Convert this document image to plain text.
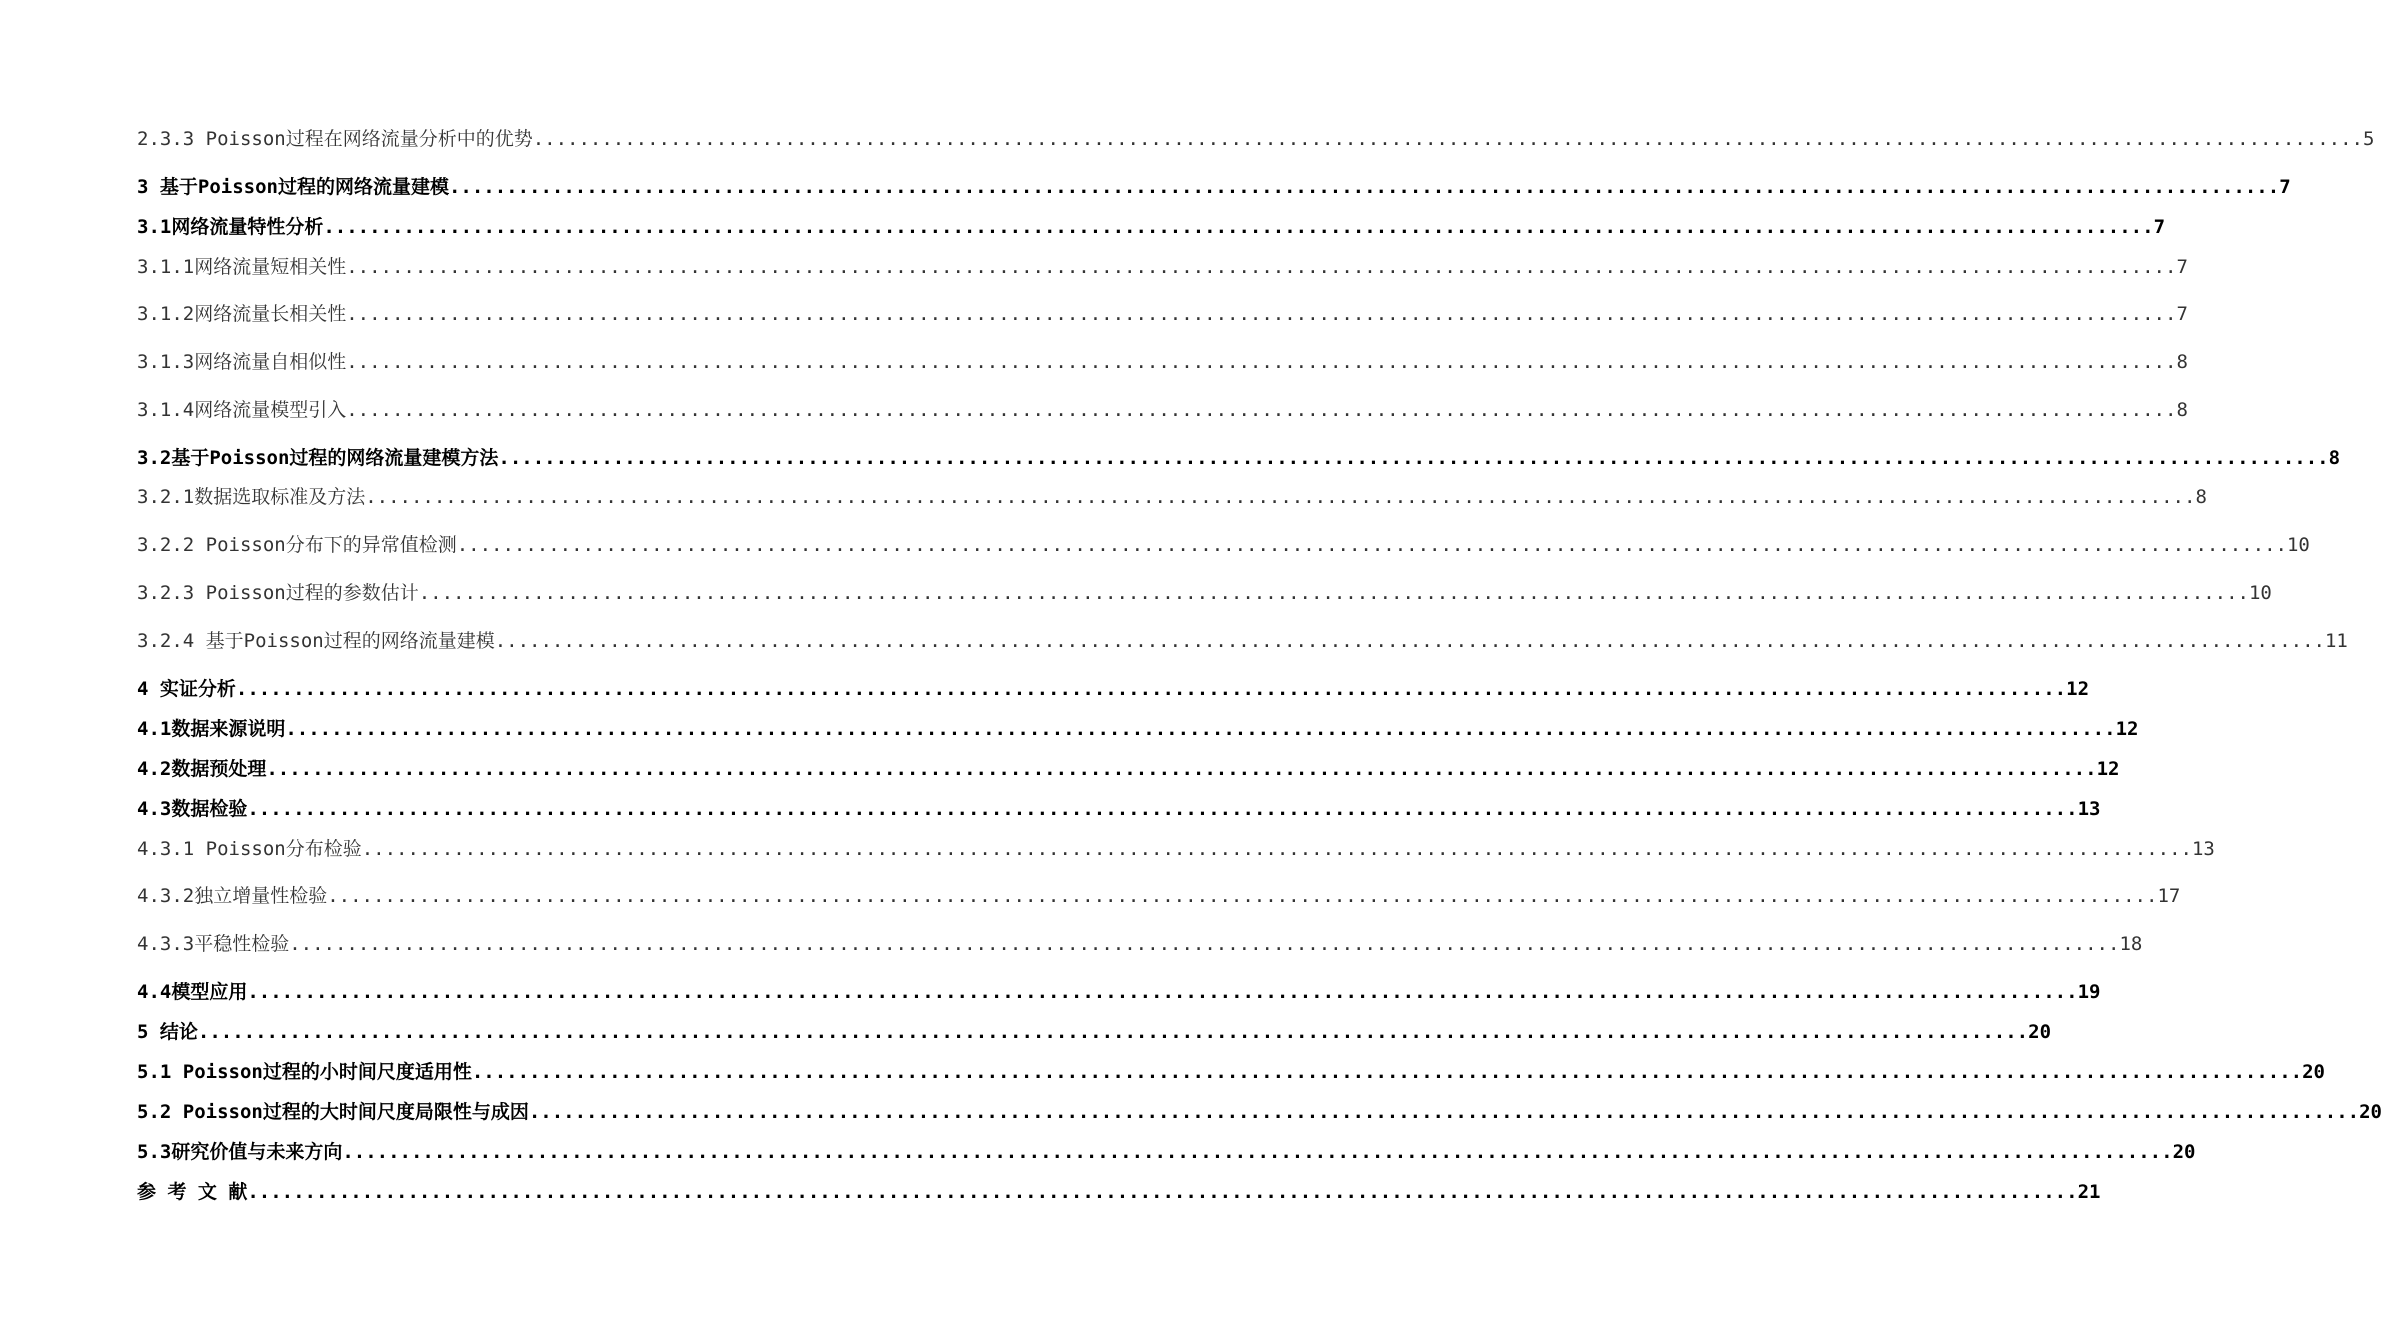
2.3.3 Poisson过程在网络流量分析中的优势 ................................................................................................................................................................ 5
3 基于Poisson过程的网络流量建模 ................................................................................................................................................................ 7
3.1网络流量特性分析 ................................................................................................................................................................ 7
3.1.1网络流量短相关性 ................................................................................................................................................................ 7
3.1.2网络流量长相关性 ................................................................................................................................................................ 7
3.1.3网络流量自相似性 ................................................................................................................................................................ 8
3.1.4网络流量模型引入 ................................................................................................................................................................ 8
3.2基于Poisson过程的网络流量建模方法 ................................................................................................................................................................ 8
3.2.1数据选取标准及方法 ................................................................................................................................................................ 8
3.2.2 Poisson分布下的异常值检测 ................................................................................................................................................................ 10
3.2.3 Poisson过程的参数估计 ................................................................................................................................................................ 10
3.2.4 基于Poisson过程的网络流量建模 ................................................................................................................................................................ 11
4 实证分析 ................................................................................................................................................................ 12
4.1数据来源说明 ................................................................................................................................................................ 12
4.2数据预处理 ................................................................................................................................................................ 12
4.3数据检验 ................................................................................................................................................................ 13
4.3.1 Poisson分布检验 ................................................................................................................................................................ 13
4.3.2独立增量性检验 ................................................................................................................................................................ 17
4.3.3平稳性检验 ................................................................................................................................................................ 18
4.4模型应用 ................................................................................................................................................................ 19
5 结论 ................................................................................................................................................................ 20
5.1 Poisson过程的小时间尺度适用性 ................................................................................................................................................................ 20
5.2 Poisson过程的大时间尺度局限性与成因 ................................................................................................................................................................ 20
5.3研究价值与未来方向 ................................................................................................................................................................ 20
参 考 文 献 ................................................................................................................................................................ 21
